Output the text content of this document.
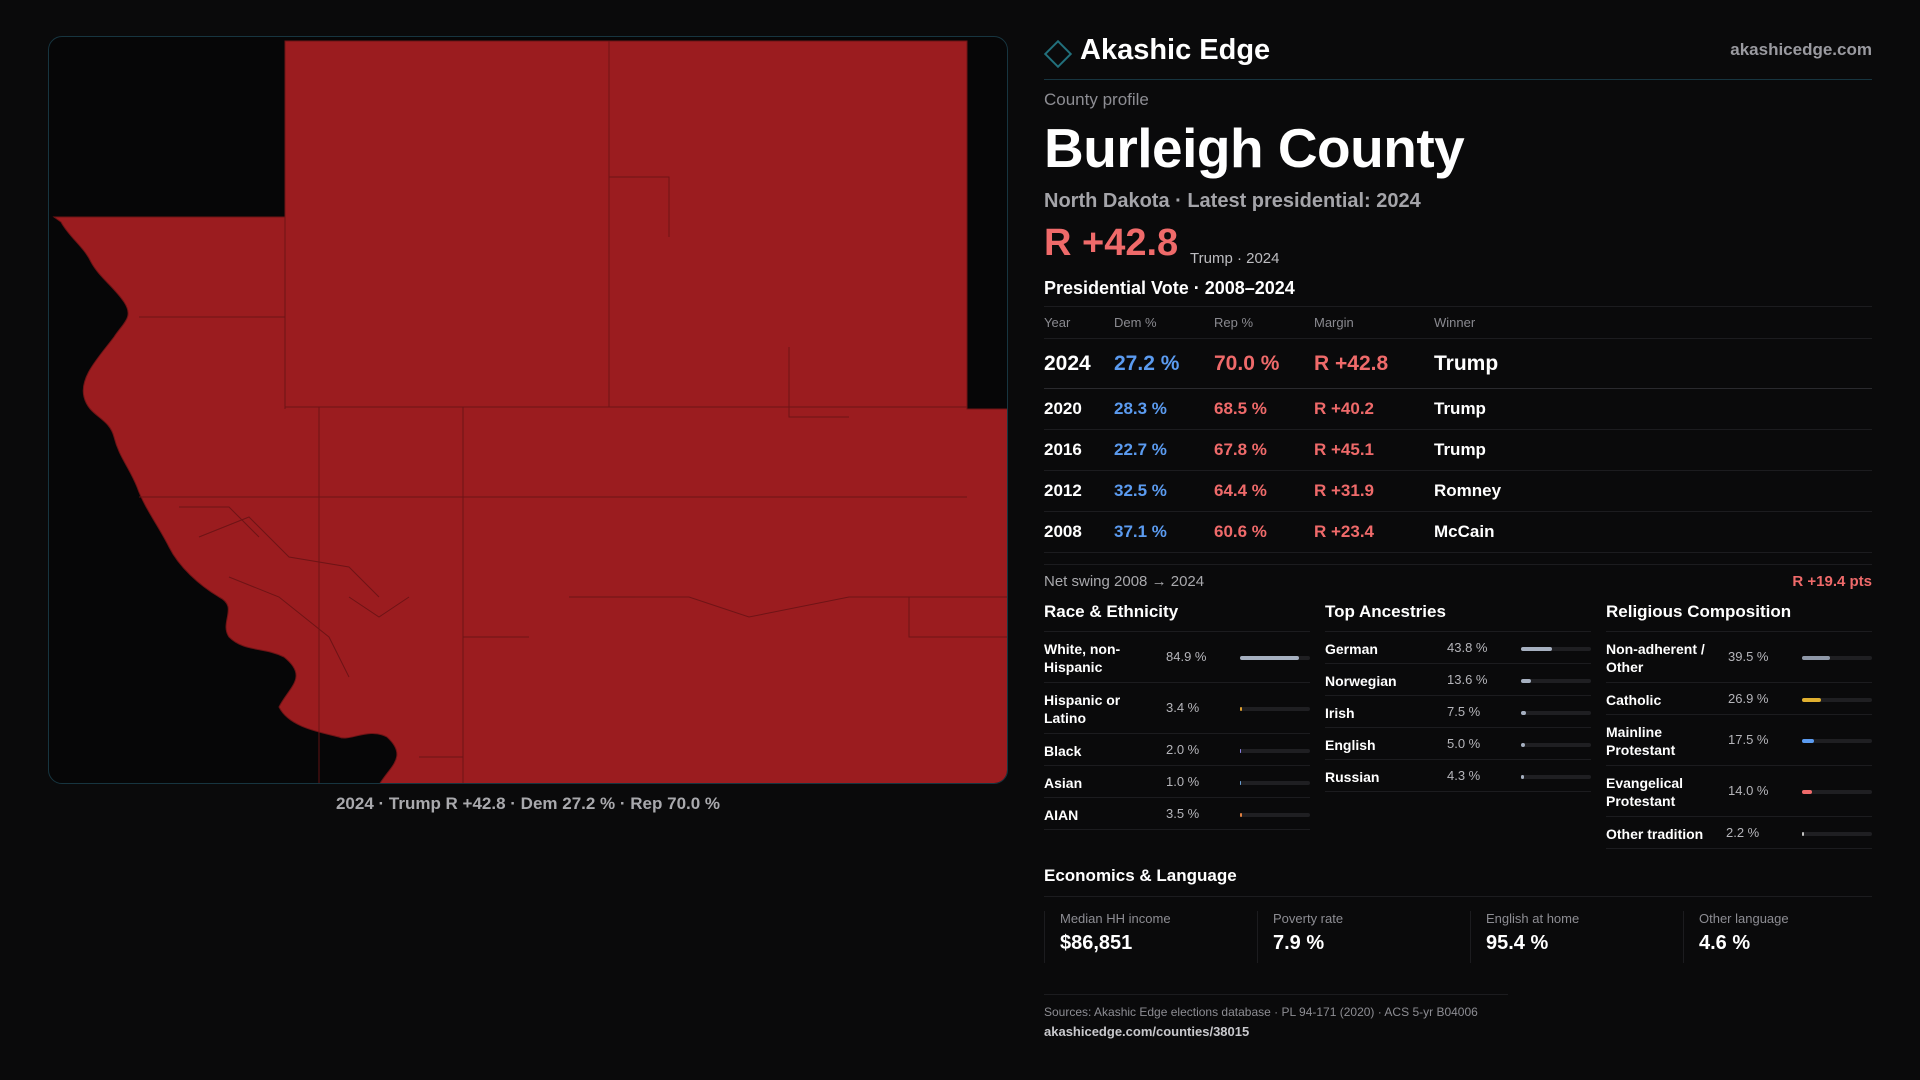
2024 · Trump R +42.8 · Dem 27.2 % · Rep 70.0 %
Akashic Edge	akashicedge.com
County profile
Burleigh County
North Dakota · Latest presidential: 2024
R +42.8 Trump · 2024
Presidential Vote · 2008–2024
Year	Dem %	Rep %	Margin	Winner
2024	27.2 %	70.0 %	R +42.8	Trump
2020	28.3 %	68.5 %	R +40.2	Trump
2016	22.7 %	67.8 %	R +45.1	Trump
2012	32.5 %	64.4 %	R +31.9	Romney
2008	37.1 %	60.6 %	R +23.4	McCain
Net swing 2008 → 2024	R +19.4 pts
Race & Ethnicity
White, non-Hispanic
84.9 %
Hispanic or Latino
3.4 %
Black	2.0 %
Asian	1.0 %
AIAN	3.5 %
Top Ancestries
German	43.8 %
Norwegian	13.6 %
Irish	7.5 %
English	5.0 %
Russian	4.3 %
Religious Composition
Non-adherent / Other
39.5 %
Catholic	26.9 %
Mainline Protestant
17.5 %
Evangelical Protestant
14.0 %
Other tradition	2.2 %
Economics & Language
Median HH income
$86,851
Poverty rate
7.9 %
English at home
95.4 %
Other language
4.6 %
Sources: Akashic Edge elections database · PL 94-171 (2020) · ACS 5-yr B04006
akashicedge.com/counties/38015
